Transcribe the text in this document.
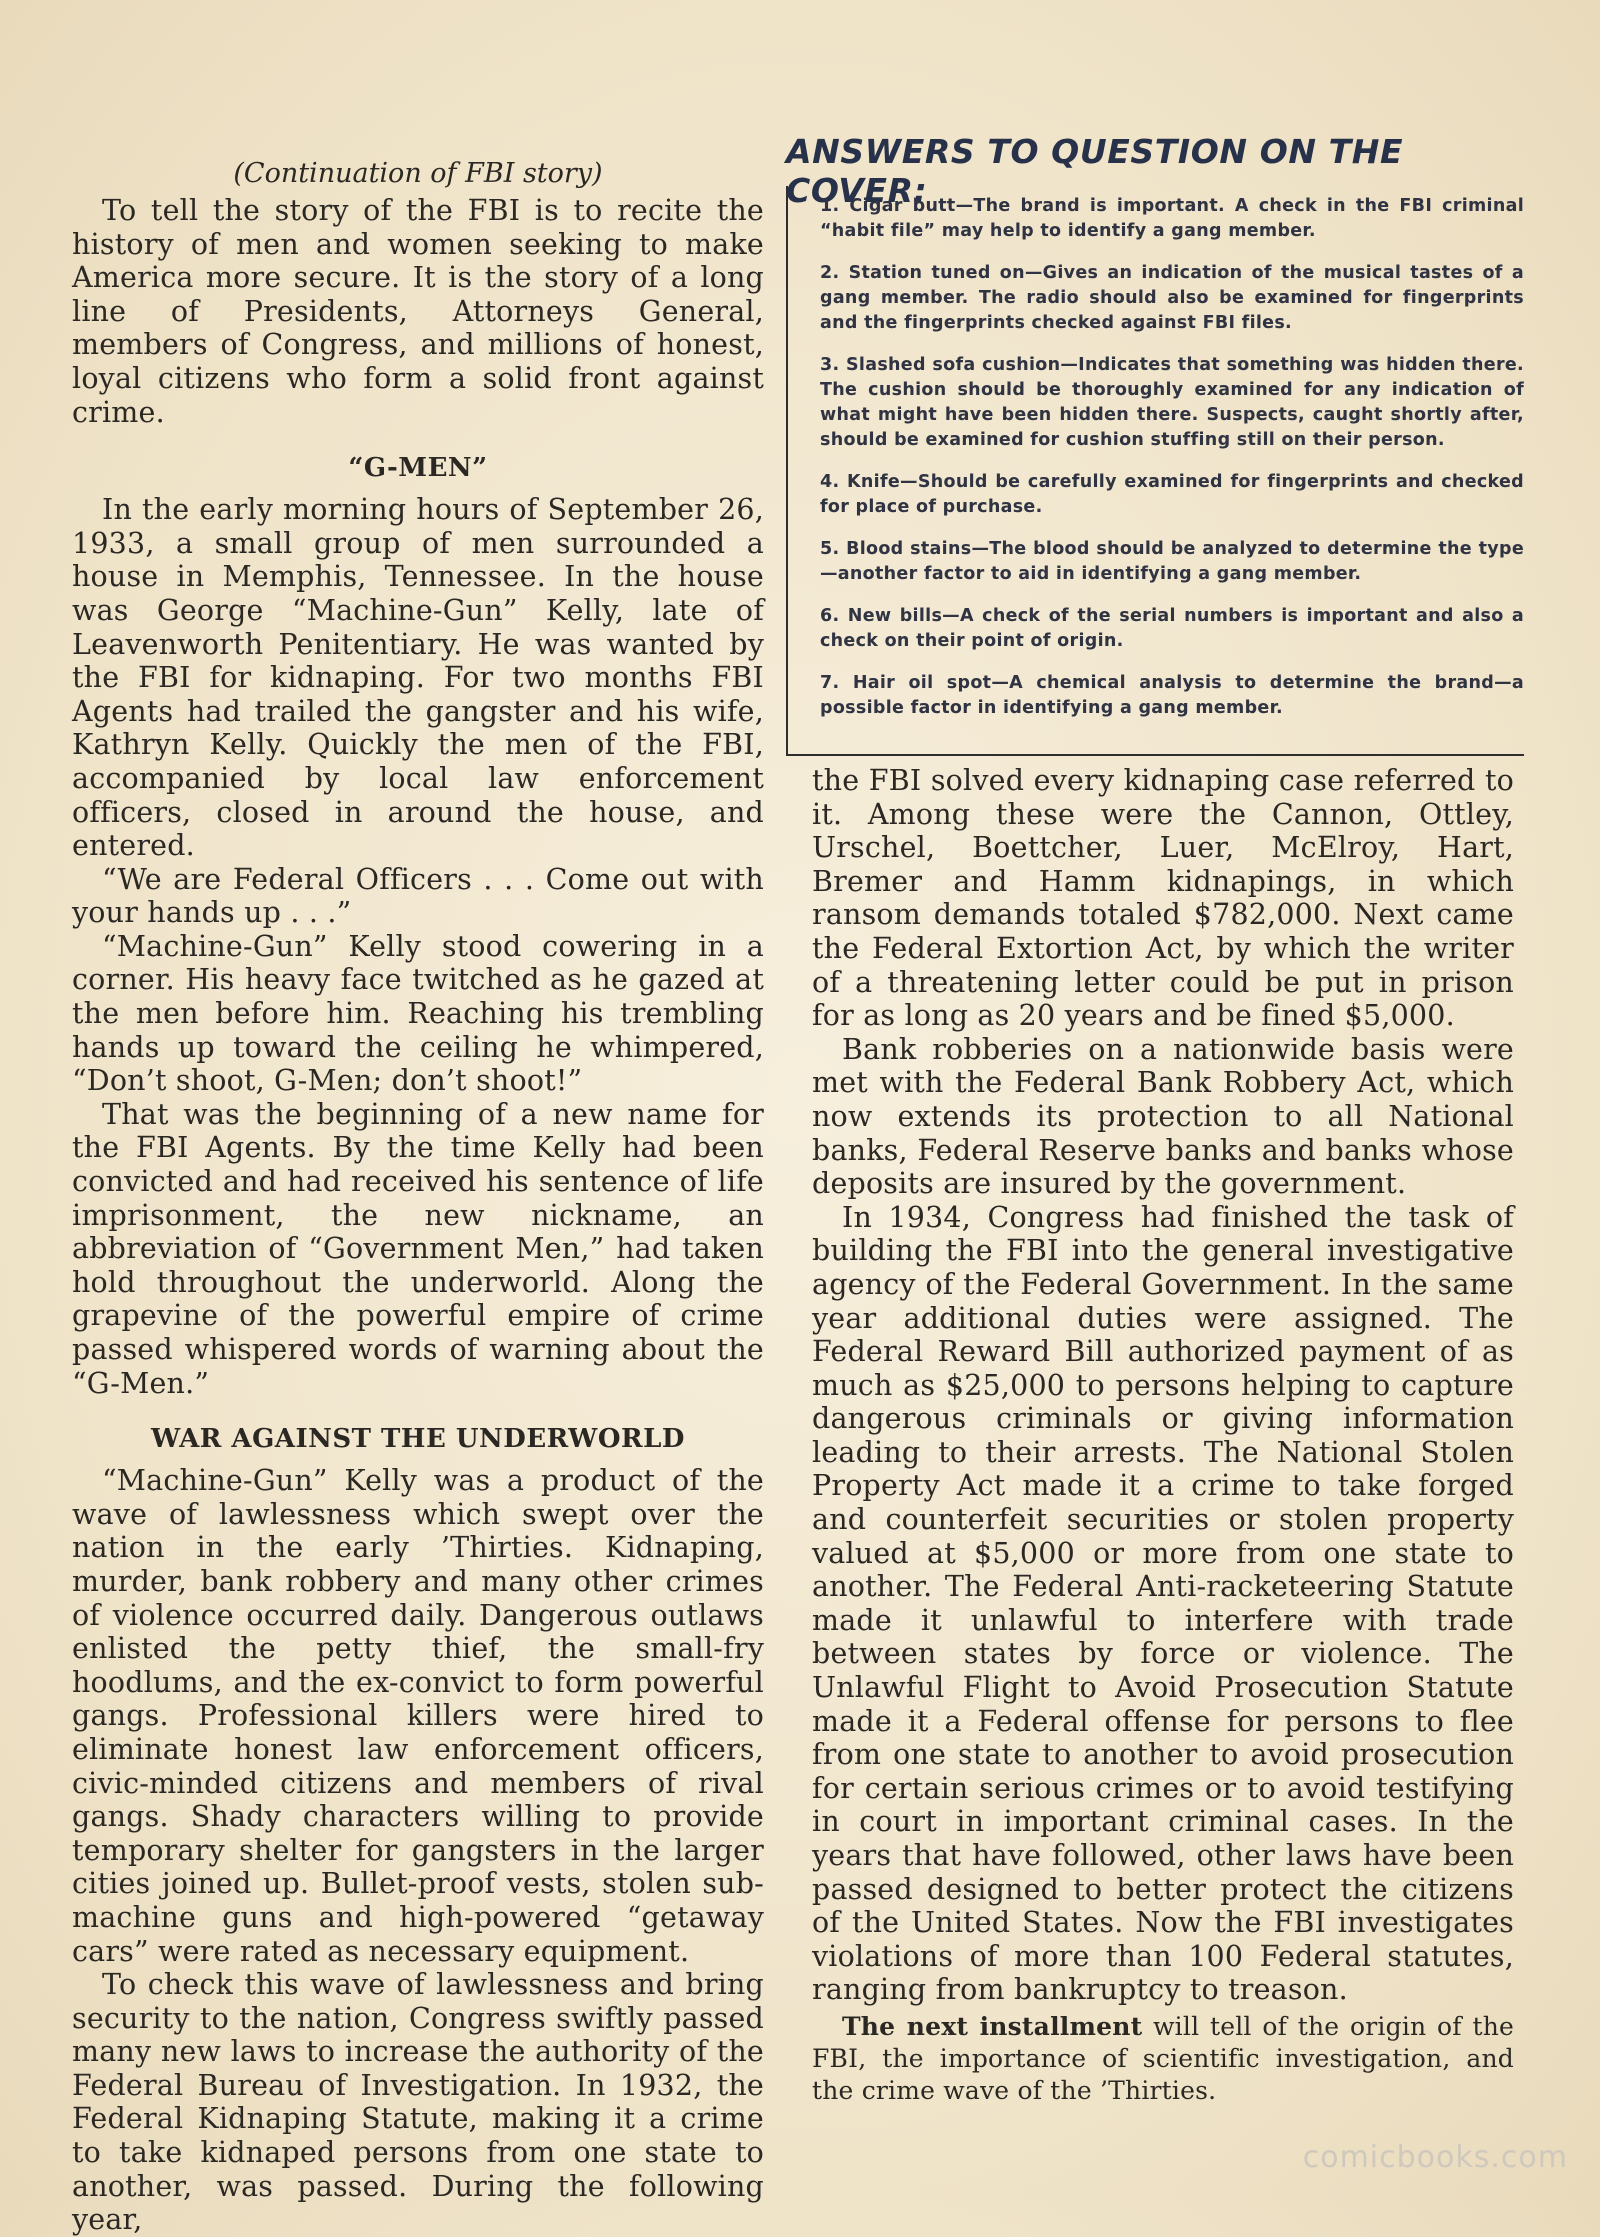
(Continuation of FBI story)

To tell the story of the FBI is to recite the history of men and women seeking to make America more secure. It is the story of a long line of Presidents, Attorneys General, members of Congress, and millions of honest, loyal citizens who form a solid front against crime.

“G-MEN”

In the early morning hours of September 26, 1933, a small group of men surrounded a house in Memphis, Tennessee. In the house was George “Machine-Gun” Kelly, late of Leavenworth Penitentiary. He was wanted by the FBI for kidnaping. For two months FBI Agents had trailed the gangster and his wife, Kathryn Kelly. Quickly the men of the FBI, accompanied by local law enforcement officers, closed in around the house, and entered.

“We are Federal Officers . . . Come out with your hands up . . .”

“Machine-Gun” Kelly stood cowering in a corner. His heavy face twitched as he gazed at the men before him. Reaching his trembling hands up toward the ceiling he whimpered, “Don’t shoot, G-Men; don’t shoot!”

That was the beginning of a new name for the FBI Agents. By the time Kelly had been convicted and had received his sentence of life imprisonment, the new nickname, an abbreviation of “Government Men,” had taken hold throughout the underworld. Along the grapevine of the powerful empire of crime passed whispered words of warning about the “G-Men.”

WAR AGAINST THE UNDERWORLD

“Machine-Gun” Kelly was a product of the wave of lawlessness which swept over the nation in the early ’Thirties. Kidnaping, murder, bank robbery and many other crimes of violence occurred daily. Dangerous outlaws enlisted the petty thief, the small-fry hoodlums, and the ex-convict to form powerful gangs. Professional killers were hired to eliminate honest law enforcement officers, civic-minded citizens and members of rival gangs. Shady characters willing to provide temporary shelter for gangsters in the larger cities joined up. Bullet-proof vests, stolen sub-machine guns and high-powered “getaway cars” were rated as necessary equipment.

To check this wave of lawlessness and bring security to the nation, Congress swiftly passed many new laws to increase the authority of the Federal Bureau of Investigation. In 1932, the Federal Kidnaping Statute, making it a crime to take kidnaped persons from one state to another, was passed. During the following year,

ANSWERS TO QUESTION ON THE COVER:

1. Cigar butt—The brand is important. A check in the FBI criminal “habit file” may help to identify a gang member.

2. Station tuned on—Gives an indication of the musical tastes of a gang member. The radio should also be examined for fingerprints and the fingerprints checked against FBI files.

3. Slashed sofa cushion—Indicates that something was hidden there. The cushion should be thoroughly examined for any indication of what might have been hidden there. Suspects, caught shortly after, should be examined for cushion stuffing still on their person.

4. Knife—Should be carefully examined for fingerprints and checked for place of purchase.

5. Blood stains—The blood should be analyzed to determine the type—another factor to aid in identifying a gang member.

6. New bills—A check of the serial numbers is important and also a check on their point of origin.

7. Hair oil spot—A chemical analysis to determine the brand—a possible factor in identifying a gang member.

the FBI solved every kidnaping case referred to it. Among these were the Cannon, Ottley, Urschel, Boettcher, Luer, McElroy, Hart, Bremer and Hamm kidnapings, in which ransom demands totaled $782,000. Next came the Federal Extortion Act, by which the writer of a threatening letter could be put in prison for as long as 20 years and be fined $5,000.

Bank robberies on a nationwide basis were met with the Federal Bank Robbery Act, which now extends its protection to all National banks, Federal Reserve banks and banks whose deposits are insured by the government.

In 1934, Congress had finished the task of building the FBI into the general investigative agency of the Federal Government. In the same year additional duties were assigned. The Federal Reward Bill authorized payment of as much as $25,000 to persons helping to capture dangerous criminals or giving information leading to their arrests. The National Stolen Property Act made it a crime to take forged and counterfeit securities or stolen property valued at $5,000 or more from one state to another. The Federal Anti-racketeering Statute made it unlawful to interfere with trade between states by force or violence. The Unlawful Flight to Avoid Prosecution Statute made it a Federal offense for persons to flee from one state to another to avoid prosecution for certain serious crimes or to avoid testifying in court in important criminal cases. In the years that have followed, other laws have been passed designed to better protect the citizens of the United States. Now the FBI investigates violations of more than 100 Federal statutes, ranging from bankruptcy to treason.

The next installment will tell of the origin of the FBI, the importance of scientific investigation, and the crime wave of the ’Thirties.

comicbooks.com
